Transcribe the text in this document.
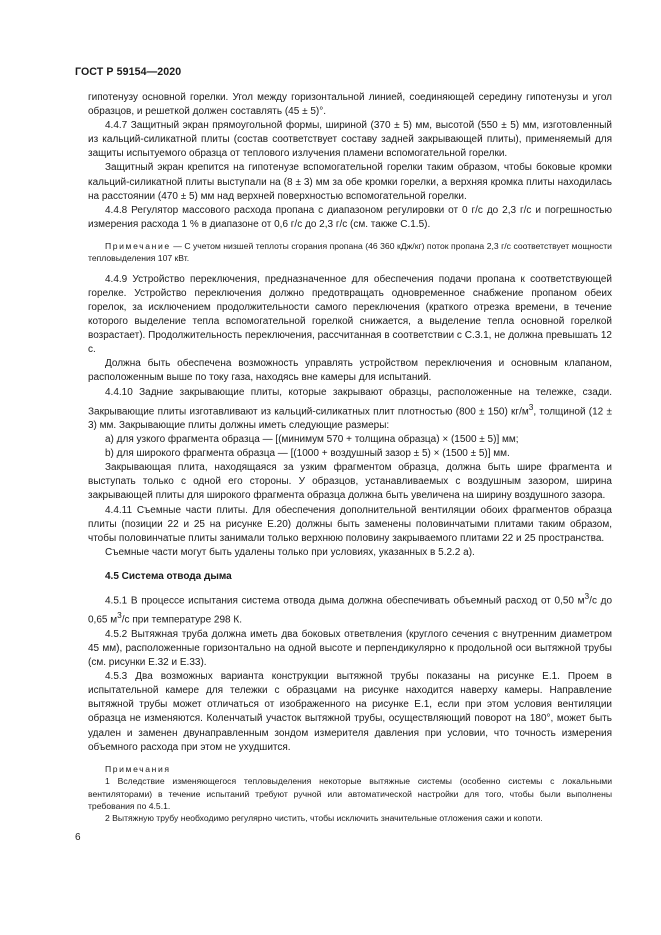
ГОСТ Р 59154—2020

гипотенузу основной горелки. Угол между горизонтальной линией, соединяющей середину гипотенузы и угол образцов, и решеткой должен составлять (45 ± 5)°.

4.4.7 Защитный экран прямоугольной формы, шириной (370 ± 5) мм, высотой (550 ± 5) мм, изготовленный из кальций-силикатной плиты (состав соответствует составу задней закрывающей плиты), применяемый для защиты испытуемого образца от теплового излучения пламени вспомогательной горелки.

Защитный экран крепится на гипотенузе вспомогательной горелки таким образом, чтобы боковые кромки кальций-силикатной плиты выступали на (8 ± 3) мм за обе кромки горелки, а верхняя кромка плиты находилась на расстоянии (470 ± 5) мм над верхней поверхностью вспомогательной горелки.

4.4.8 Регулятор массового расхода пропана с диапазоном регулировки от 0 г/с до 2,3 г/с и погрешностью измерения расхода 1 % в диапазоне от 0,6 г/с до 2,3 г/с (см. также С.1.5).

Примечание — С учетом низшей теплоты сгорания пропана (46 360 кДж/кг) поток пропана 2,3 г/с соответствует мощности тепловыделения 107 кВт.

4.4.9 Устройство переключения, предназначенное для обеспечения подачи пропана к соответствующей горелке. Устройство переключения должно предотвращать одновременное снабжение пропаном обеих горелок, за исключением продолжительности самого переключения (краткого отрезка времени, в течение которого выделение тепла вспомогательной горелкой снижается, а выделение тепла основной горелкой возрастает). Продолжительность переключения, рассчитанная в соответствии с С.3.1, не должна превышать 12 с.

Должна быть обеспечена возможность управлять устройством переключения и основным клапаном, расположенным выше по току газа, находясь вне камеры для испытаний.

4.4.10 Задние закрывающие плиты, которые закрывают образцы, расположенные на тележке, сзади. Закрывающие плиты изготавливают из кальций-силикатных плит плотностью (800 ± 150) $кг/м^3$, толщиной (12 ± 3) мм. Закрывающие плиты должны иметь следующие размеры:

а) для узкого фрагмента образца — [(минимум 570 + толщина образца) × (1500 ± 5)] мм;

b) для широкого фрагмента образца — [(1000 + воздушный зазор ± 5) × (1500 ± 5)] мм.

Закрывающая плита, находящаяся за узким фрагментом образца, должна быть шире фрагмента и выступать только с одной его стороны. У образцов, устанавливаемых с воздушным зазором, ширина закрывающей плиты для широкого фрагмента образца должна быть увеличена на ширину воздушного зазора.

4.4.11 Съемные части плиты. Для обеспечения дополнительной вентиляции обоих фрагментов образца плиты (позиции 22 и 25 на рисунке Е.20) должны быть заменены половинчатыми плитами таким образом, чтобы половинчатые плиты занимали только верхнюю половину закрываемого плитами 22 и 25 пространства.

Съемные части могут быть удалены только при условиях, указанных в 5.2.2 а).

4.5 Система отвода дыма

4.5.1 В процессе испытания система отвода дыма должна обеспечивать объемный расход от 0,50 $м^3/с$ до 0,65 $м^3/с$ при температуре 298 К.

4.5.2 Вытяжная труба должна иметь два боковых ответвления (круглого сечения с внутренним диаметром 45 мм), расположенные горизонтально на одной высоте и перпендикулярно к продольной оси вытяжной трубы (см. рисунки Е.32 и Е.33).

4.5.3 Два возможных варианта конструкции вытяжной трубы показаны на рисунке Е.1. Проем в испытательной камере для тележки с образцами на рисунке находится наверху камеры. Направление вытяжной трубы может отличаться от изображенного на рисунке Е.1, если при этом условия вентиляции образца не изменяются. Коленчатый участок вытяжной трубы, осуществляющий поворот на 180°, может быть удален и заменен двунаправленным зондом измерителя давления при условии, что точность измерения объемного расхода при этом не ухудшится.

Примечания

1 Вследствие изменяющегося тепловыделения некоторые вытяжные системы (особенно системы с локальными вентиляторами) в течение испытаний требуют ручной или автоматической настройки для того, чтобы были выполнены требования по 4.5.1.

2 Вытяжную трубу необходимо регулярно чистить, чтобы исключить значительные отложения сажи и копоти.

6
